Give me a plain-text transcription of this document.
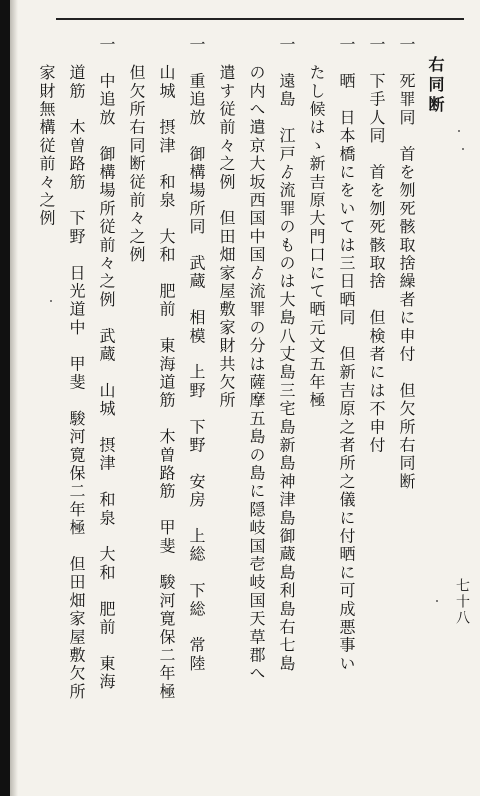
右同断
一　死罪同　首を刎死骸取捨繰者に申付　但欠所右同断
一　下手人同　首を刎死骸取捨　但検者には不申付
一　晒　日本橋にをいては三日晒同　但新吉原之者所之儀に付晒に可成悪事い
たし候はゝ新吉原大門口にて晒元文五年極
一　遠島　江戸ゟ流罪のものは大島八丈島三宅島新島神津島御蔵島利島右七島
の内へ遣京大坂西国中国ゟ流罪の分は薩摩五島の島に隠岐国壱岐国天草郡へ
遣す従前々之例　但田畑家屋敷家財共欠所
一　重追放　御構場所同　武蔵　相模　上野　下野　安房　上総　下総　常陸
山城　摂津　和泉　大和　肥前　東海道筋　木曽路筋　甲斐　駿河寛保二年極
但欠所右同断従前々之例
一　中追放　御構場所従前々之例　武蔵　山城　摂津　和泉　大和　肥前　東海
道筋　木曽路筋　下野　日光道中　甲斐　駿河寛保二年極　但田畑家屋敷欠所
家財無構従前々之例
七十八
